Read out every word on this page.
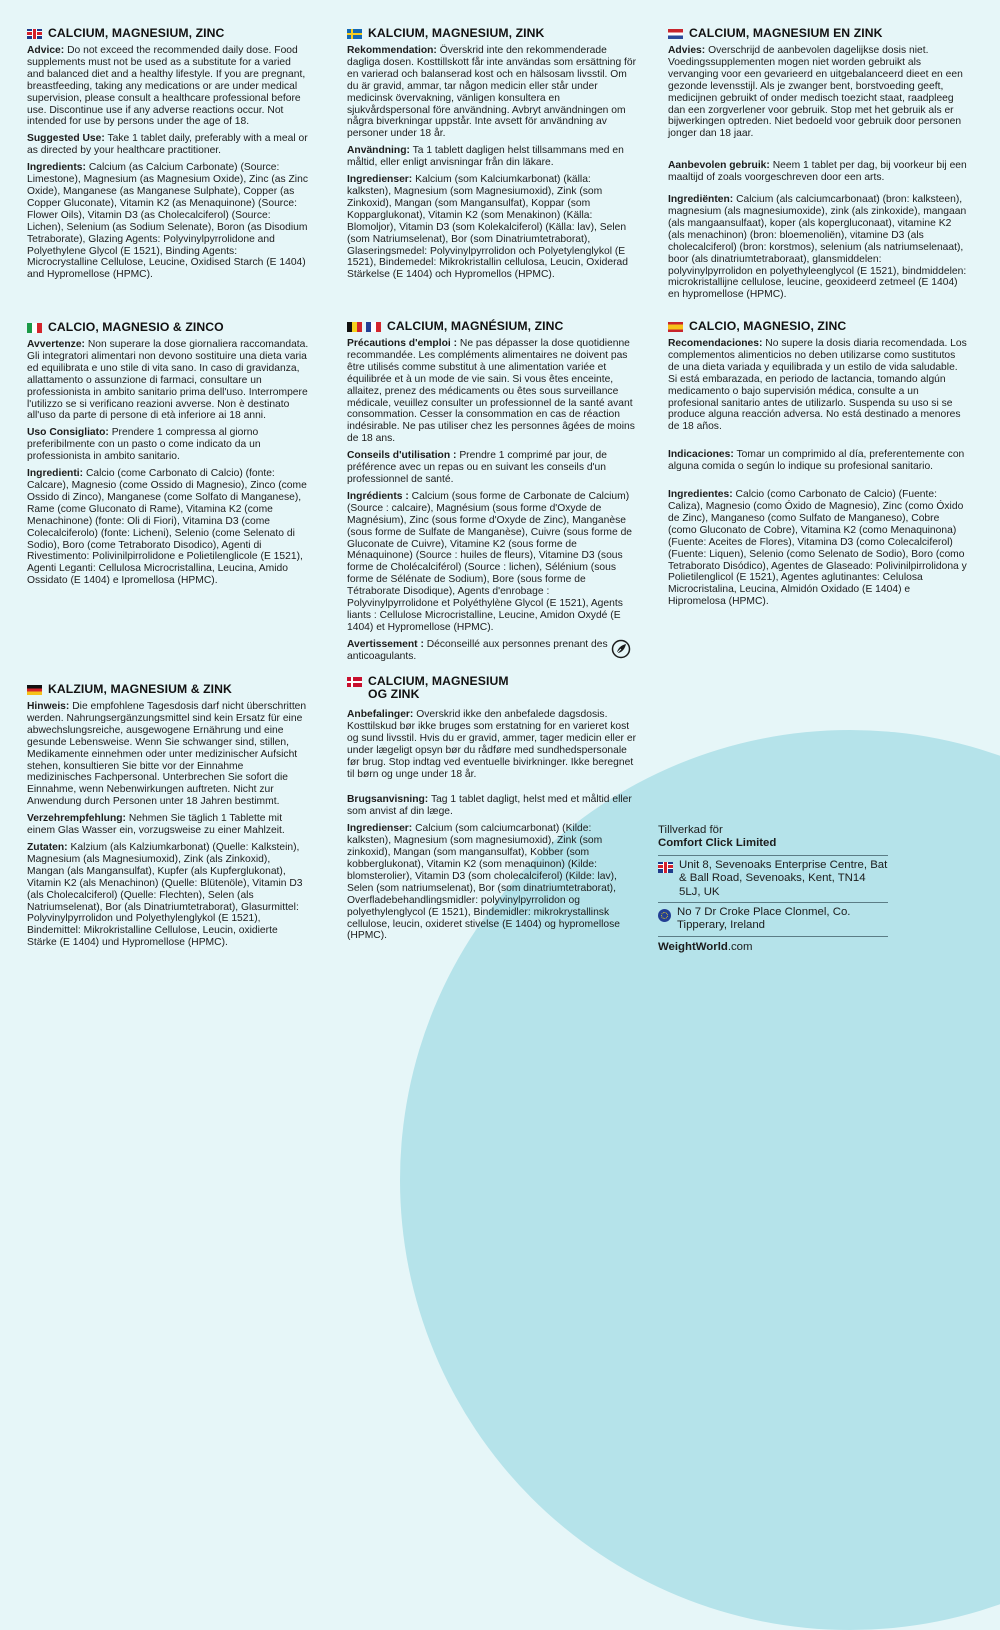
CALCIUM, MAGNESIUM, ZINC

Advice: Do not exceed the recommended daily dose. Food supplements must not be used as a substitute for a varied and balanced diet and a healthy lifestyle. If you are pregnant, breastfeeding, taking any medications or are under medical supervision, please consult a healthcare professional before use. Discontinue use if any adverse reactions occur. Not intended for use by persons under the age of 18.

Suggested Use: Take 1 tablet daily, preferably with a meal or as directed by your healthcare practitioner.

Ingredients: Calcium (as Calcium Carbonate) (Source: Limestone), Magnesium (as Magnesium Oxide), Zinc (as Zinc Oxide), Manganese (as Manganese Sulphate), Copper (as Copper Gluconate), Vitamin K2 (as Menaquinone) (Source: Flower Oils), Vitamin D3 (as Cholecalciferol) (Source: Lichen), Selenium (as Sodium Selenate), Boron (as Disodium Tetraborate), Glazing Agents: Polyvinylpyrrolidone and Polyethylene Glycol (E 1521), Binding Agents: Microcrystalline Cellulose, Leucine, Oxidised Starch (E 1404) and Hypromellose (HPMC).

CALCIO, MAGNESIO & ZINCO

Avvertenze: Non superare la dose giornaliera raccomandata. Gli integratori alimentari non devono sostituire una dieta varia ed equilibrata e uno stile di vita sano. In caso di gravidanza, allattamento o assunzione di farmaci, consultare un professionista in ambito sanitario prima dell'uso. Interrompere l'utilizzo se si verificano reazioni avverse. Non è destinato all'uso da parte di persone di età inferiore ai 18 anni.

Uso Consigliato: Prendere 1 compressa al giorno preferibilmente con un pasto o come indicato da un professionista in ambito sanitario.

Ingredienti: Calcio (come Carbonato di Calcio) (fonte: Calcare), Magnesio (come Ossido di Magnesio), Zinco (come Ossido di Zinco), Manganese (come Solfato di Manganese), Rame (come Gluconato di Rame), Vitamina K2 (come Menachinone) (fonte: Oli di Fiori), Vitamina D3 (come Colecalciferolo) (fonte: Licheni), Selenio (come Selenato di Sodio), Boro (come Tetraborato Disodico), Agenti di Rivestimento: Polivinilpirrolidone e Polietilenglicole (E 1521), Agenti Leganti: Cellulosa Microcristallina, Leucina, Amido Ossidato (E 1404) e Ipromellosa (HPMC).

KALZIUM, MAGNESIUM & ZINK

Hinweis: Die empfohlene Tagesdosis darf nicht überschritten werden. Nahrungsergänzungsmittel sind kein Ersatz für eine abwechslungsreiche, ausgewogene Ernährung und eine gesunde Lebensweise. Wenn Sie schwanger sind, stillen, Medikamente einnehmen oder unter medizinischer Aufsicht stehen, konsultieren Sie bitte vor der Einnahme medizinisches Fachpersonal. Unterbrechen Sie sofort die Einnahme, wenn Nebenwirkungen auftreten. Nicht zur Anwendung durch Personen unter 18 Jahren bestimmt.

Verzehrempfehlung: Nehmen Sie täglich 1 Tablette mit einem Glas Wasser ein, vorzugsweise zu einer Mahlzeit.

Zutaten: Kalzium (als Kalziumkarbonat) (Quelle: Kalkstein), Magnesium (als Magnesiumoxid), Zink (als Zinkoxid), Mangan (als Mangansulfat), Kupfer (als Kupferglukonat), Vitamin K2 (als Menachinon) (Quelle: Blütenöle), Vitamin D3 (als Cholecalciferol) (Quelle: Flechten), Selen (als Natriumselenat), Bor (als Dinatriumtetraborat), Glasurmittel: Polyvinylpyrrolidon und Polyethylenglykol (E 1521), Bindemittel: Mikrokristalline Cellulose, Leucin, oxidierte Stärke (E 1404) und Hypromellose (HPMC).

KALCIUM, MAGNESIUM, ZINK

Rekommendation: Överskrid inte den rekommenderade dagliga dosen. Kosttillskott får inte användas som ersättning för en varierad och balanserad kost och en hälsosam livsstil. Om du är gravid, ammar, tar någon medicin eller står under medicinsk övervakning, vänligen konsultera en sjukvårdspersonal före användning. Avbryt användningen om några biverkningar uppstår. Inte avsett för användning av personer under 18 år.

Användning: Ta 1 tablett dagligen helst tillsammans med en måltid, eller enligt anvisningar från din läkare.

Ingredienser: Kalcium (som Kalciumkarbonat) (källa: kalksten), Magnesium (som Magnesiumoxid), Zink (som Zinkoxid), Mangan (som Mangansulfat), Koppar (som Kopparglukonat), Vitamin K2 (som Menakinon) (Källa: Blomoljor), Vitamin D3 (som Kolekalciferol) (Källa: lav), Selen (som Natriumselenat), Bor (som Dinatriumtetraborat), Glaseringsmedel: Polyvinylpyrrolidon och Polyetylenglykol (E 1521), Bindemedel: Mikrokristallin cellulosa, Leucin, Oxiderad Stärkelse (E 1404) och Hypromellos (HPMC).

CALCIUM, MAGNÉSIUM, ZINC

Précautions d'emploi : Ne pas dépasser la dose quotidienne recommandée. Les compléments alimentaires ne doivent pas être utilisés comme substitut à une alimentation variée et équilibrée et à un mode de vie sain. Si vous êtes enceinte, allaitez, prenez des médicaments ou êtes sous surveillance médicale, veuillez consulter un professionnel de la santé avant consommation. Cesser la consommation en cas de réaction indésirable. Ne pas utiliser chez les personnes âgées de moins de 18 ans.

Conseils d'utilisation : Prendre 1 comprimé par jour, de préférence avec un repas ou en suivant les conseils d'un professionnel de santé.

Ingrédients : Calcium (sous forme de Carbonate de Calcium) (Source : calcaire), Magnésium (sous forme d'Oxyde de Magnésium), Zinc (sous forme d'Oxyde de Zinc), Manganèse (sous forme de Sulfate de Manganèse), Cuivre (sous forme de Gluconate de Cuivre), Vitamine K2 (sous forme de Ménaquinone) (Source : huiles de fleurs), Vitamine D3 (sous forme de Cholécalciférol) (Source : lichen), Sélénium (sous forme de Sélénate de Sodium), Bore (sous forme de Tétraborate Disodique), Agents d'enrobage : Polyvinylpyrrolidone et Polyéthylène Glycol (E 1521), Agents liants : Cellulose Microcristalline, Leucine, Amidon Oxydé (E 1404) et Hypromellose (HPMC).

Avertissement : Déconseillé aux personnes prenant des anticoagulants.

CALCIUM, MAGNESIUM
OG ZINK

Anbefalinger: Overskrid ikke den anbefalede dagsdosis. Kosttilskud bør ikke bruges som erstatning for en varieret kost og sund livsstil. Hvis du er gravid, ammer, tager medicin eller er under lægeligt opsyn bør du rådføre med sundhedspersonale før brug. Stop indtag ved eventuelle bivirkninger. Ikke beregnet til børn og unge under 18 år.

Brugsanvisning: Tag 1 tablet dagligt, helst med et måltid eller som anvist af din læge.

Ingredienser: Calcium (som calciumcarbonat) (Kilde: kalksten), Magnesium (som magnesiumoxid), Zink (som zinkoxid), Mangan (som mangansulfat), Kobber (som kobberglukonat), Vitamin K2 (som menaquinon) (Kilde: blomsterolier), Vitamin D3 (som cholecalciferol) (Kilde: lav), Selen (som natriumselenat), Bor (som dinatriumtetraborat), Overfladebehandlingsmidler: polyvinylpyrrolidon og polyethylenglycol (E 1521), Bindemidler: mikrokrystallinsk cellulose, leucin, oxideret stivelse (E 1404) og hypromellose (HPMC).

CALCIUM, MAGNESIUM EN ZINK

Advies: Overschrijd de aanbevolen dagelijkse dosis niet. Voedingssupplementen mogen niet worden gebruikt als vervanging voor een gevarieerd en uitgebalanceerd dieet en een gezonde levensstijl. Als je zwanger bent, borstvoeding geeft, medicijnen gebruikt of onder medisch toezicht staat, raadpleeg dan een zorgverlener voor gebruik. Stop met het gebruik als er bijwerkingen optreden. Niet bedoeld voor gebruik door personen jonger dan 18 jaar.

Aanbevolen gebruik: Neem 1 tablet per dag, bij voorkeur bij een maaltijd of zoals voorgeschreven door een arts.

Ingrediënten: Calcium (als calciumcarbonaat) (bron: kalksteen), magnesium (als magnesiumoxide), zink (als zinkoxide), mangaan (als mangaansulfaat), koper (als kopergluconaat), vitamine K2 (als menachinon) (bron: bloemenoliën), vitamine D3 (als cholecalciferol) (bron: korstmos), selenium (als natriumselenaat), boor (als dinatriumtetraboraat), glansmiddelen: polyvinylpyrrolidon en polyethyleenglycol (E 1521), bindmiddelen: microkristallijne cellulose, leucine, geoxideerd zetmeel (E 1404) en hypromellose (HPMC).

CALCIO, MAGNESIO, ZINC

Recomendaciones: No supere la dosis diaria recomendada. Los complementos alimenticios no deben utilizarse como sustitutos de una dieta variada y equilibrada y un estilo de vida saludable. Si está embarazada, en periodo de lactancia, tomando algún medicamento o bajo supervisión médica, consulte a un profesional sanitario antes de utilizarlo. Suspenda su uso si se produce alguna reacción adversa. No está destinado a menores de 18 años.

Indicaciones: Tomar un comprimido al día, preferentemente con alguna comida o según lo indique su profesional sanitario.

Ingredientes: Calcio (como Carbonato de Calcio) (Fuente: Caliza), Magnesio (como Óxido de Magnesio), Zinc (como Óxido de Zinc), Manganeso (como Sulfato de Manganeso), Cobre (como Gluconato de Cobre), Vitamina K2 (como Menaquinona) (Fuente: Aceites de Flores), Vitamina D3 (como Colecalciferol) (Fuente: Liquen), Selenio (como Selenato de Sodio), Boro (como Tetraborato Disódico), Agentes de Glaseado: Polivinilpirrolidona y Polietilenglicol (E 1521), Agentes aglutinantes: Celulosa Microcristalina, Leucina, Almidón Oxidado (E 1404) e Hipromelosa (HPMC).

Tillverkad för
Comfort Click Limited
Unit 8, Sevenoaks Enterprise Centre, Bat & Ball Road, Sevenoaks, Kent, TN14 5LJ, UK
No 7 Dr Croke Place Clonmel, Co. Tipperary, Ireland
WeightWorld.com
